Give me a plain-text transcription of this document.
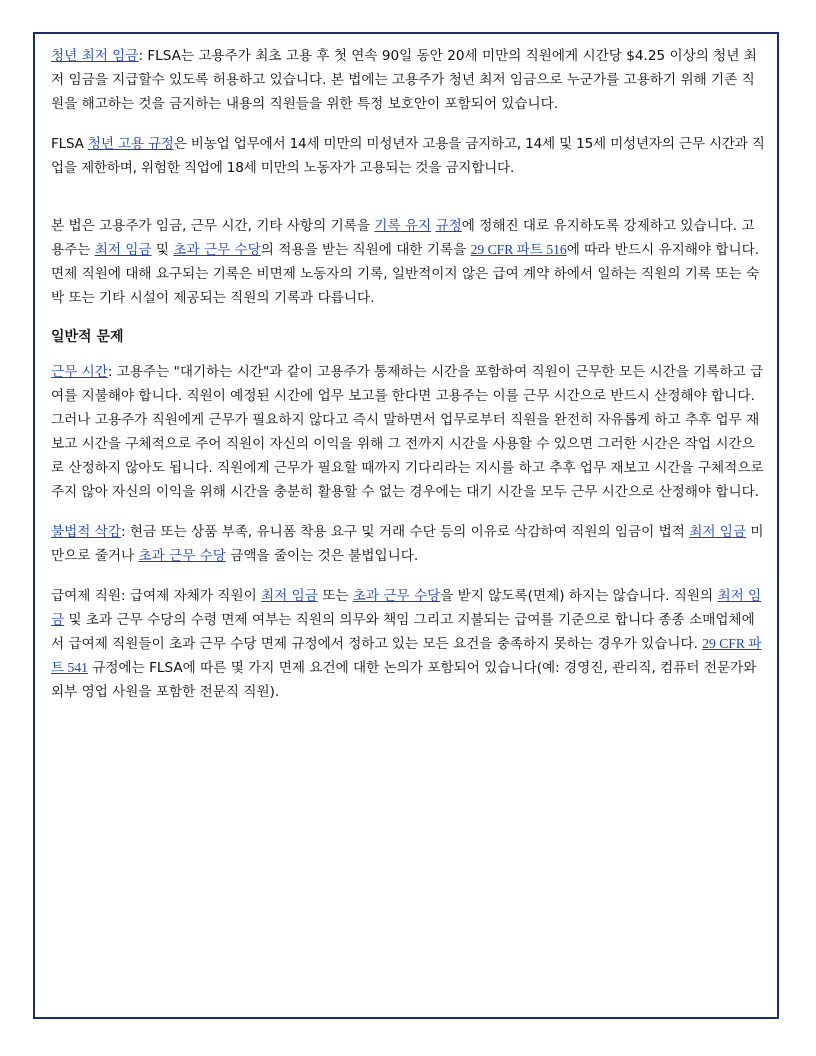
청년 최저 임금: FLSA는 고용주가 최초 고용 후 첫 연속 90일 동안 20세 미만의 직원에게 시간당 $4.25 이상의 청년 최저 임금을 지급할수 있도록 허용하고 있습니다. 본 법에는 고용주가 청년 최저 임금으로 누군가를 고용하기 위해 기존 직원을 해고하는 것을 금지하는 내용의 직원들을 위한 특정 보호안이 포함되어 있습니다.

FLSA 청년 고용 규정은 비농업 업무에서 14세 미만의 미성년자 고용을 금지하고, 14세 및 15세 미성년자의 근무 시간과 직업을 제한하며, 위험한 직업에 18세 미만의 노동자가 고용되는 것을 금지합니다.

본 법은 고용주가 임금, 근무 시간, 기타 사항의 기록을 기록 유지 규정에 정해진 대로 유지하도록 강제하고 있습니다. 고용주는 최저 임금 및 초과 근무 수당의 적용을 받는 직원에 대한 기록을 29 CFR 파트 516에 따라 반드시 유지해야 합니다. 면제 직원에 대해 요구되는 기록은 비면제 노동자의 기록, 일반적이지 않은 급여 계약 하에서 일하는 직원의 기록 또는 숙박 또는 기타 시설이 제공되는 직원의 기록과 다릅니다.

일반적 문제

근무 시간: 고용주는 "대기하는 시간"과 같이 고용주가 통제하는 시간을 포함하여 직원이 근무한 모든 시간을 기록하고 급여를 지불해야 합니다. 직원이 예정된 시간에 업무 보고를 한다면 고용주는 이를 근무 시간으로 반드시 산정해야 합니다. 그러나 고용주가 직원에게 근무가 필요하지 않다고 즉시 말하면서 업무로부터 직원을 완전히 자유롭게 하고 추후 업무 재보고 시간을 구체적으로 주어 직원이 자신의 이익을 위해 그 전까지 시간을 사용할 수 있으면 그러한 시간은 작업 시간으로 산정하지 않아도 됩니다. 직원에게 근무가 필요할 때까지 기다리라는 지시를 하고 추후 업무 재보고 시간을 구체적으로 주지 않아 자신의 이익을 위해 시간을 충분히 활용할 수 없는 경우에는 대기 시간을 모두 근무 시간으로 산정해야 합니다.

불법적 삭감: 현금 또는 상품 부족, 유니폼 착용 요구 및 거래 수단 등의 이유로 삭감하여 직원의 임금이 법적 최저 임금 미만으로 줄거나 초과 근무 수당 금액을 줄이는 것은 불법입니다.

급여제 직원: 급여제 자체가 직원이 최저 임금 또는 초과 근무 수당을 받지 않도록(면제) 하지는 않습니다. 직원의 최저 임금 및 초과 근무 수당의 수령 면제 여부는 직원의 의무와 책임 그리고 지불되는 급여를 기준으로 합니다 종종 소매업체에서 급여제 직원들이 초과 근무 수당 면제 규정에서 정하고 있는 모든 요건을 충족하지 못하는 경우가 있습니다. 29 CFR 파트 541 규정에는 FLSA에 따른 몇 가지 면제 요건에 대한 논의가 포함되어 있습니다(예: 경영진, 관리직, 컴퓨터 전문가와 외부 영업 사원을 포함한 전문직 직원).
